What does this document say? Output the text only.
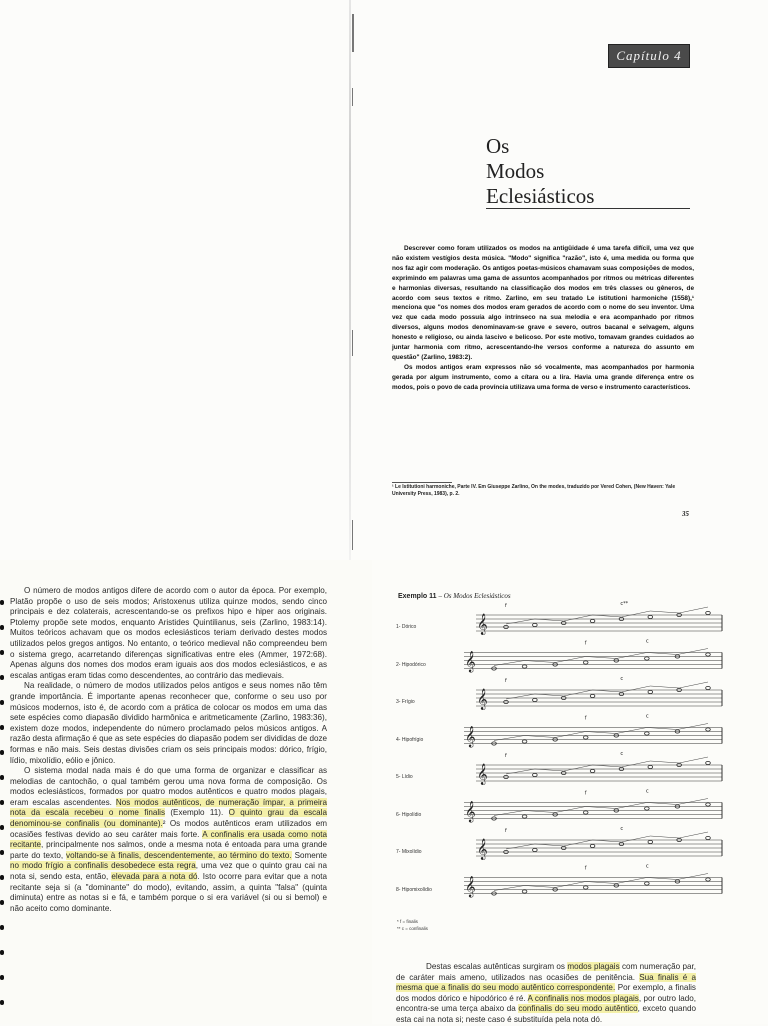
Capítulo 4
Os
Modos
Eclesiásticos

Descrever como foram utilizados os modos na antigüidade é uma tarefa difícil, uma vez que não existem vestígios desta música. "Modo" significa "razão", isto é, uma medida ou forma que nos faz agir com moderação. Os antigos poetas-músicos chamavam suas composições de modos, exprimindo em palavras uma gama de assuntos acompanhados por ritmos ou métricas diferentes e harmonias diversas, resultando na classificação dos modos em três classes ou gêneros, de acordo com seus textos e ritmo. Zarlino, em seu tratado Le istitutioni harmoniche (1558),¹ menciona que "os nomes dos modos eram gerados de acordo com o nome do seu inventor. Uma vez que cada modo possuía algo intrínseco na sua melodia e era acompanhado por ritmos diversos, alguns modos denominavam-se grave e severo, outros bacanal e selvagem, alguns honesto e religioso, ou ainda lascivo e belicoso. Por este motivo, tomavam grandes cuidados ao juntar harmonia com ritmo, acrescentando-lhe versos conforme a natureza do assunto em questão" (Zarlino, 1983:2).

Os modos antigos eram expressos não só vocalmente, mas acompanhados por harmonia gerada por algum instrumento, como a cítara ou a lira. Havia uma grande diferença entre os modos, pois o povo de cada província utilizava uma forma de verso e instrumento característicos.

¹ Le Istitutioni harmoniche, Parte IV. Em Giuseppe Zarlino, On the modes, traduzido por Vered Cohen, (New Haven: Yale University Press, 1983), p. 2.
35

O número de modos antigos difere de acordo com o autor da época. Por exemplo, Platão propõe o uso de seis modos; Aristoxenus utiliza quinze modos, sendo cinco principais e dez colaterais, acrescentando-se os prefixos hipo e hiper aos originais. Ptolemy propõe sete modos, enquanto Aristides Quintilianus, seis (Zarlino, 1983:14). Muitos teóricos achavam que os modos eclesiásticos teriam derivado destes modos utilizados pelos gregos antigos. No entanto, o teórico medieval não compreendeu bem o sistema grego, acarretando diferenças significativas entre eles (Ammer, 1972:68). Apenas alguns dos nomes dos modos eram iguais aos dos modos eclesiásticos, e as escalas antigas eram tidas como descendentes, ao contrário das medievais.

Na realidade, o número de modos utilizados pelos antigos e seus nomes não têm grande importância. É importante apenas reconhecer que, conforme o seu uso por músicos modernos, isto é, de acordo com a prática de colocar os modos em uma das sete espécies como diapasão dividido harmônica e aritmeticamente (Zarlino, 1983:36), existem doze modos, independente do número proclamado pelos músicos antigos. A razão desta afirmação é que as sete espécies do diapasão podem ser divididas de doze formas e não mais. Seis destas divisões criam os seis principais modos: dórico, frígio, lídio, mixolídio, eólio e jônico.

O sistema modal nada mais é do que uma forma de organizar e classificar as melodias de cantochão, o qual também gerou uma nova forma de composição. Os modos eclesiásticos, formados por quatro modos autênticos e quatro modos plagais, eram escalas ascendentes. Nos modos autênticos, de numeração ímpar, a primeira nota da escala recebeu o nome finalis (Exemplo 11). O quinto grau da escala denominou-se confinalis (ou dominante).² Os modos autênticos eram utilizados em ocasiões festivas devido ao seu caráter mais forte. A confinalis era usada como nota recitante, principalmente nos salmos, onde a mesma nota é entoada para uma grande parte do texto, voltando-se à finalis, descendentemente, ao término do texto. Somente no modo frígio a confinalis desobedece esta regra, uma vez que o quinto grau cai na nota si, sendo esta, então, elevada para a nota dó. Isto ocorre para evitar que a nota recitante seja si (a "dominante" do modo), evitando, assim, a quinta "falsa" (quinta diminuta) entre as notas si e fá, e também porque o si era variável (si ou si bemol) e não aceito como dominante.

Exemplo 11 – Os Modos Eclesiásticos
1- Dórico
2- Hipodórico
3- Frígio
4- Hipofrígio
5- Lídio
6- Hipolídio
7- Mixolídio
8- Hipomixolídio
𝄞
f	c**
𝄞
f	c
𝄞
f	c
𝄞
f	c
𝄞
f	c
𝄞
f	c
𝄞
f	c
𝄞
f	c
* f = finalis
** c = confinalis

Destas escalas autênticas surgiram os modos plagais com numeração par, de caráter mais ameno, utilizados nas ocasiões de penitência. Sua finalis é a mesma que a finalis do seu modo autêntico correspondente. Por exemplo, a finalis dos modos dórico e hipodórico é ré. A confinalis nos modos plagais, por outro lado, encontra-se uma terça abaixo da confinalis do seu modo autêntico, exceto quando esta cai na nota si; neste caso é substituída pela nota dó.
